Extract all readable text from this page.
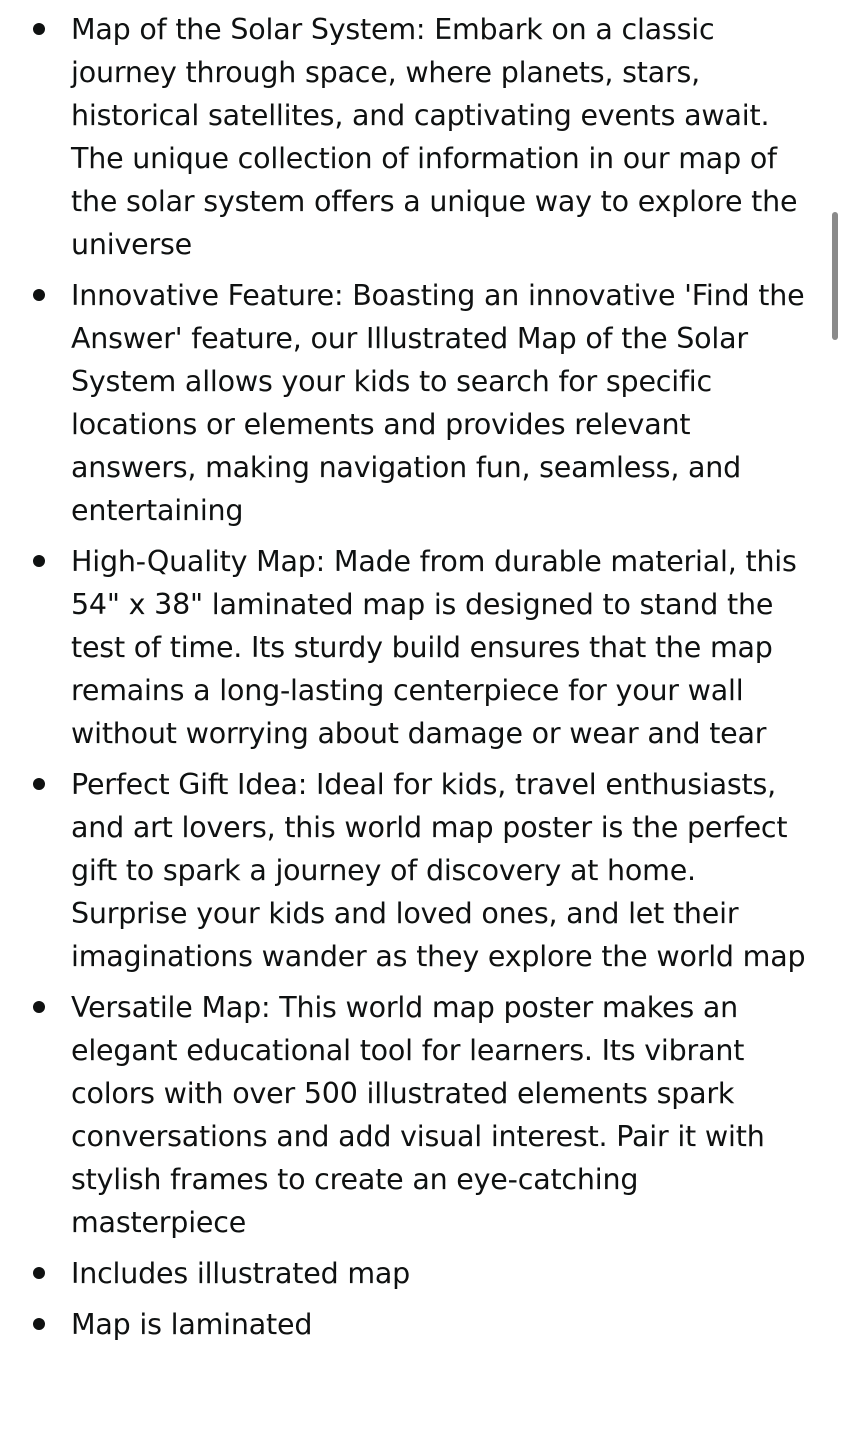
Map of the Solar System: Embark on a classic journey through space, where planets, stars, historical satellites, and captivating events await. The unique collection of information in our map of the solar system offers a unique way to explore the universe
Innovative Feature: Boasting an innovative 'Find the Answer' feature, our Illustrated Map of the Solar System allows your kids to search for specific locations or elements and provides relevant answers, making navigation fun, seamless, and entertaining
High-Quality Map: Made from durable material, this 54" x 38" laminated map is designed to stand the test of time. Its sturdy build ensures that the map remains a long-lasting centerpiece for your wall without worrying about damage or wear and tear
Perfect Gift Idea: Ideal for kids, travel enthusiasts, and art lovers, this world map poster is the perfect gift to spark a journey of discovery at home. Surprise your kids and loved ones, and let their imaginations wander as they explore the world map
Versatile Map: This world map poster makes an elegant educational tool for learners. Its vibrant colors with over 500 illustrated elements spark conversations and add visual interest. Pair it with stylish frames to create an eye-catching masterpiece
Includes illustrated map
Map is laminated
